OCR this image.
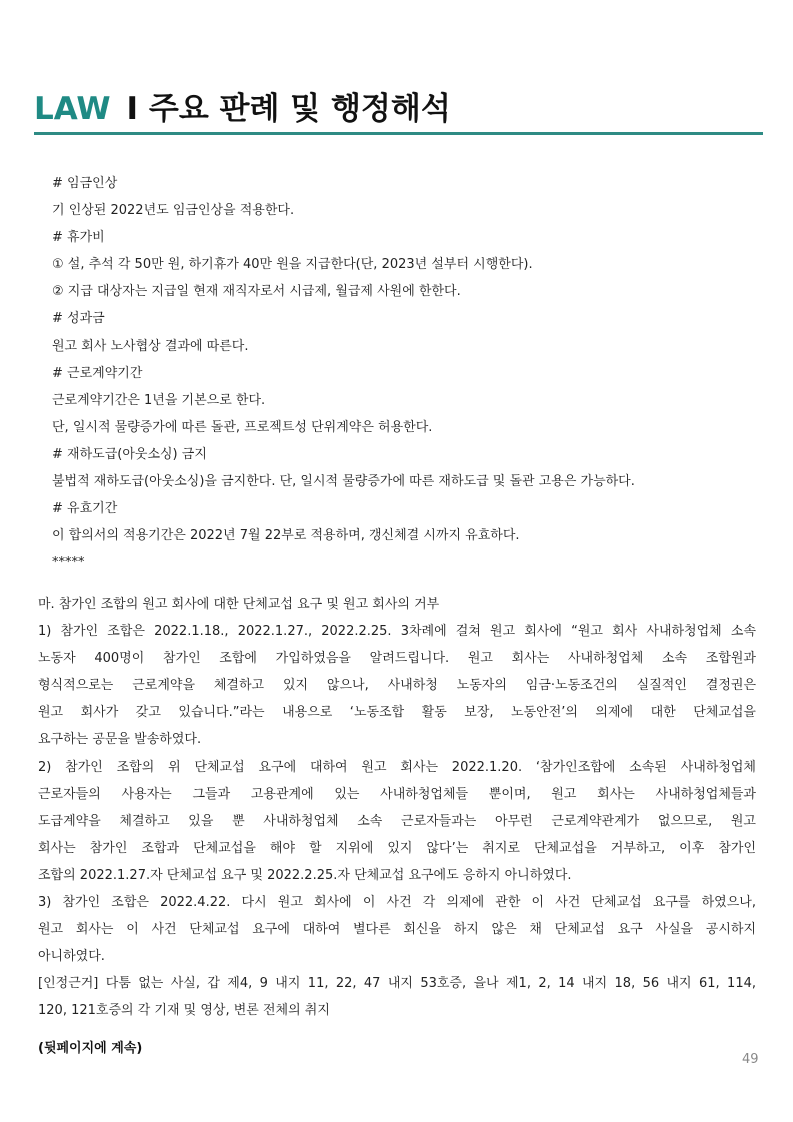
LAW I 주요 판례 및 행정해석
# 임금인상
기 인상된 2022년도 임금인상을 적용한다.
# 휴가비
① 설, 추석 각 50만 원, 하기휴가 40만 원을 지급한다(단, 2023년 설부터 시행한다).
② 지급 대상자는 지급일 현재 재직자로서 시급제, 월급제 사원에 한한다.
# 성과금
원고 회사 노사협상 결과에 따른다.
# 근로계약기간
근로계약기간은 1년을 기본으로 한다.
단, 일시적 물량증가에 따른 돌관, 프로젝트성 단위계약은 허용한다.
# 재하도급(아웃소싱) 금지
불법적 재하도급(아웃소싱)을 금지한다. 단, 일시적 물량증가에 따른 재하도급 및 돌관 고용은 가능하다.
# 유효기간
이 합의서의 적용기간은 2022년 7월 22부로 적용하며, 갱신체결 시까지 유효하다.
*****
마. 참가인 조합의 원고 회사에 대한 단체교섭 요구 및 원고 회사의 거부
1) 참가인 조합은 2022.1.18., 2022.1.27., 2022.2.25. 3차례에 걸쳐 원고 회사에 “원고 회사 사내하청업체 소속
노동자 400명이 참가인 조합에 가입하였음을 알려드립니다. 원고 회사는 사내하청업체 소속 조합원과
형식적으로는 근로계약을 체결하고 있지 않으나, 사내하청 노동자의 임금·노동조건의 실질적인 결정권은
원고 회사가 갖고 있습니다.”라는 내용으로 ‘노동조합 활동 보장, 노동안전’의 의제에 대한 단체교섭을
요구하는 공문을 발송하였다.
2) 참가인 조합의 위 단체교섭 요구에 대하여 원고 회사는 2022.1.20. ‘참가인조합에 소속된 사내하청업체
근로자들의 사용자는 그들과 고용관계에 있는 사내하청업체들 뿐이며, 원고 회사는 사내하청업체들과
도급계약을 체결하고 있을 뿐 사내하청업체 소속 근로자들과는 아무런 근로계약관계가 없으므로, 원고
회사는 참가인 조합과 단체교섭을 해야 할 지위에 있지 않다’는 취지로 단체교섭을 거부하고, 이후 참가인
조합의 2022.1.27.자 단체교섭 요구 및 2022.2.25.자 단체교섭 요구에도 응하지 아니하였다.
3) 참가인 조합은 2022.4.22. 다시 원고 회사에 이 사건 각 의제에 관한 이 사건 단체교섭 요구를 하였으나,
원고 회사는 이 사건 단체교섭 요구에 대하여 별다른 회신을 하지 않은 채 단체교섭 요구 사실을 공시하지
아니하였다.
[인정근거] 다툼 없는 사실, 갑 제4, 9 내지 11, 22, 47 내지 53호증, 을나 제1, 2, 14 내지 18, 56 내지 61, 114,
120, 121호증의 각 기재 및 영상, 변론 전체의 취지
(뒷페이지에 계속)
49
